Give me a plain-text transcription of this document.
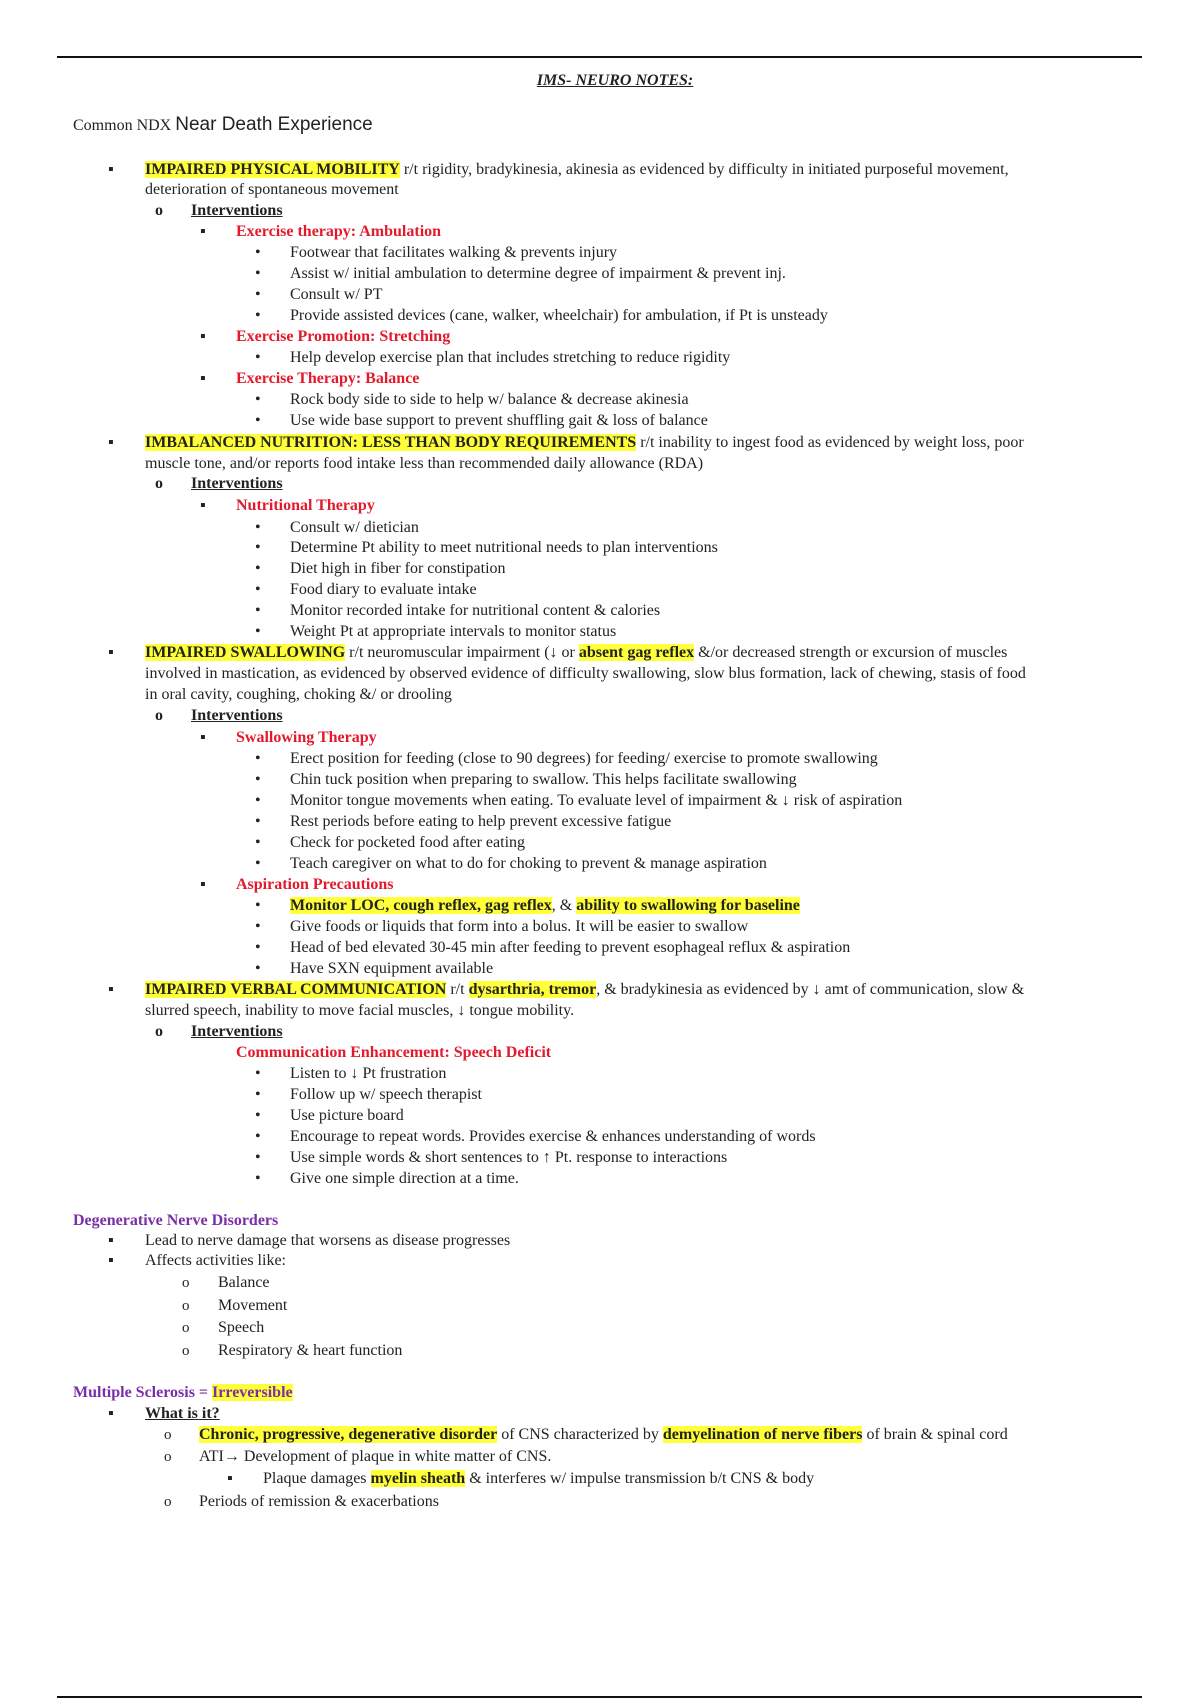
IMS- NEURO NOTES:
Common NDX Near Death Experience
▪
IMPAIRED PHYSICAL MOBILITY r/t rigidity, bradykinesia, akinesia as evidenced by difficulty in initiated purposeful movement,
deterioration of spontaneous movement
o
Interventions
▪
Exercise therapy: Ambulation
•
Footwear that facilitates walking & prevents injury
•
Assist w/ initial ambulation to determine degree of impairment & prevent inj.
•
Consult w/ PT
•
Provide assisted devices (cane, walker, wheelchair) for ambulation, if Pt is unsteady
▪
Exercise Promotion: Stretching
•
Help develop exercise plan that includes stretching to reduce rigidity
▪
Exercise Therapy: Balance
•
Rock body side to side to help w/ balance & decrease akinesia
•
Use wide base support to prevent shuffling gait & loss of balance
▪
IMBALANCED NUTRITION: LESS THAN BODY REQUIREMENTS r/t inability to ingest food as evidenced by weight loss, poor
muscle tone, and/or reports food intake less than recommended daily allowance (RDA)
o
Interventions
▪
Nutritional Therapy
•
Consult w/ dietician
•
Determine Pt ability to meet nutritional needs to plan interventions
•
Diet high in fiber for constipation
•
Food diary to evaluate intake
•
Monitor recorded intake for nutritional content & calories
•
Weight Pt at appropriate intervals to monitor status
▪
IMPAIRED SWALLOWING r/t neuromuscular impairment (↓ or absent gag reflex &/or decreased strength or excursion of muscles
involved in mastication, as evidenced by observed evidence of difficulty swallowing, slow blus formation, lack of chewing, stasis of food
in oral cavity, coughing, choking &/ or drooling
o
Interventions
▪
Swallowing Therapy
•
Erect position for feeding (close to 90 degrees) for feeding/ exercise to promote swallowing
•
Chin tuck position when preparing to swallow. This helps facilitate swallowing
•
Monitor tongue movements when eating. To evaluate level of impairment & ↓ risk of aspiration
•
Rest periods before eating to help prevent excessive fatigue
•
Check for pocketed food after eating
•
Teach caregiver on what to do for choking to prevent & manage aspiration
▪
Aspiration Precautions
•
Monitor LOC, cough reflex, gag reflex, & ability to swallowing for baseline
•
Give foods or liquids that form into a bolus. It will be easier to swallow
•
Head of bed elevated 30-45 min after feeding to prevent esophageal reflux & aspiration
•
Have SXN equipment available
▪
IMPAIRED VERBAL COMMUNICATION r/t dysarthria, tremor, & bradykinesia as evidenced by ↓ amt of communication, slow &
slurred speech, inability to move facial muscles, ↓ tongue mobility.
o
Interventions
Communication Enhancement: Speech Deficit
•
Listen to ↓ Pt frustration
•
Follow up w/ speech therapist
•
Use picture board
•
Encourage to repeat words. Provides exercise & enhances understanding of words
•
Use simple words & short sentences to ↑ Pt. response to interactions
•
Give one simple direction at a time.
Degenerative Nerve Disorders
▪
Lead to nerve damage that worsens as disease progresses
▪
Affects activities like:
o
Balance
o
Movement
o
Speech
o
Respiratory & heart function
Multiple Sclerosis = Irreversible
▪
What is it?
o
Chronic, progressive, degenerative disorder of CNS characterized by demyelination of nerve fibers of brain & spinal cord
o
ATI→ Development of plaque in white matter of CNS.
▪
Plaque damages myelin sheath & interferes w/ impulse transmission b/t CNS & body
o
Periods of remission & exacerbations
